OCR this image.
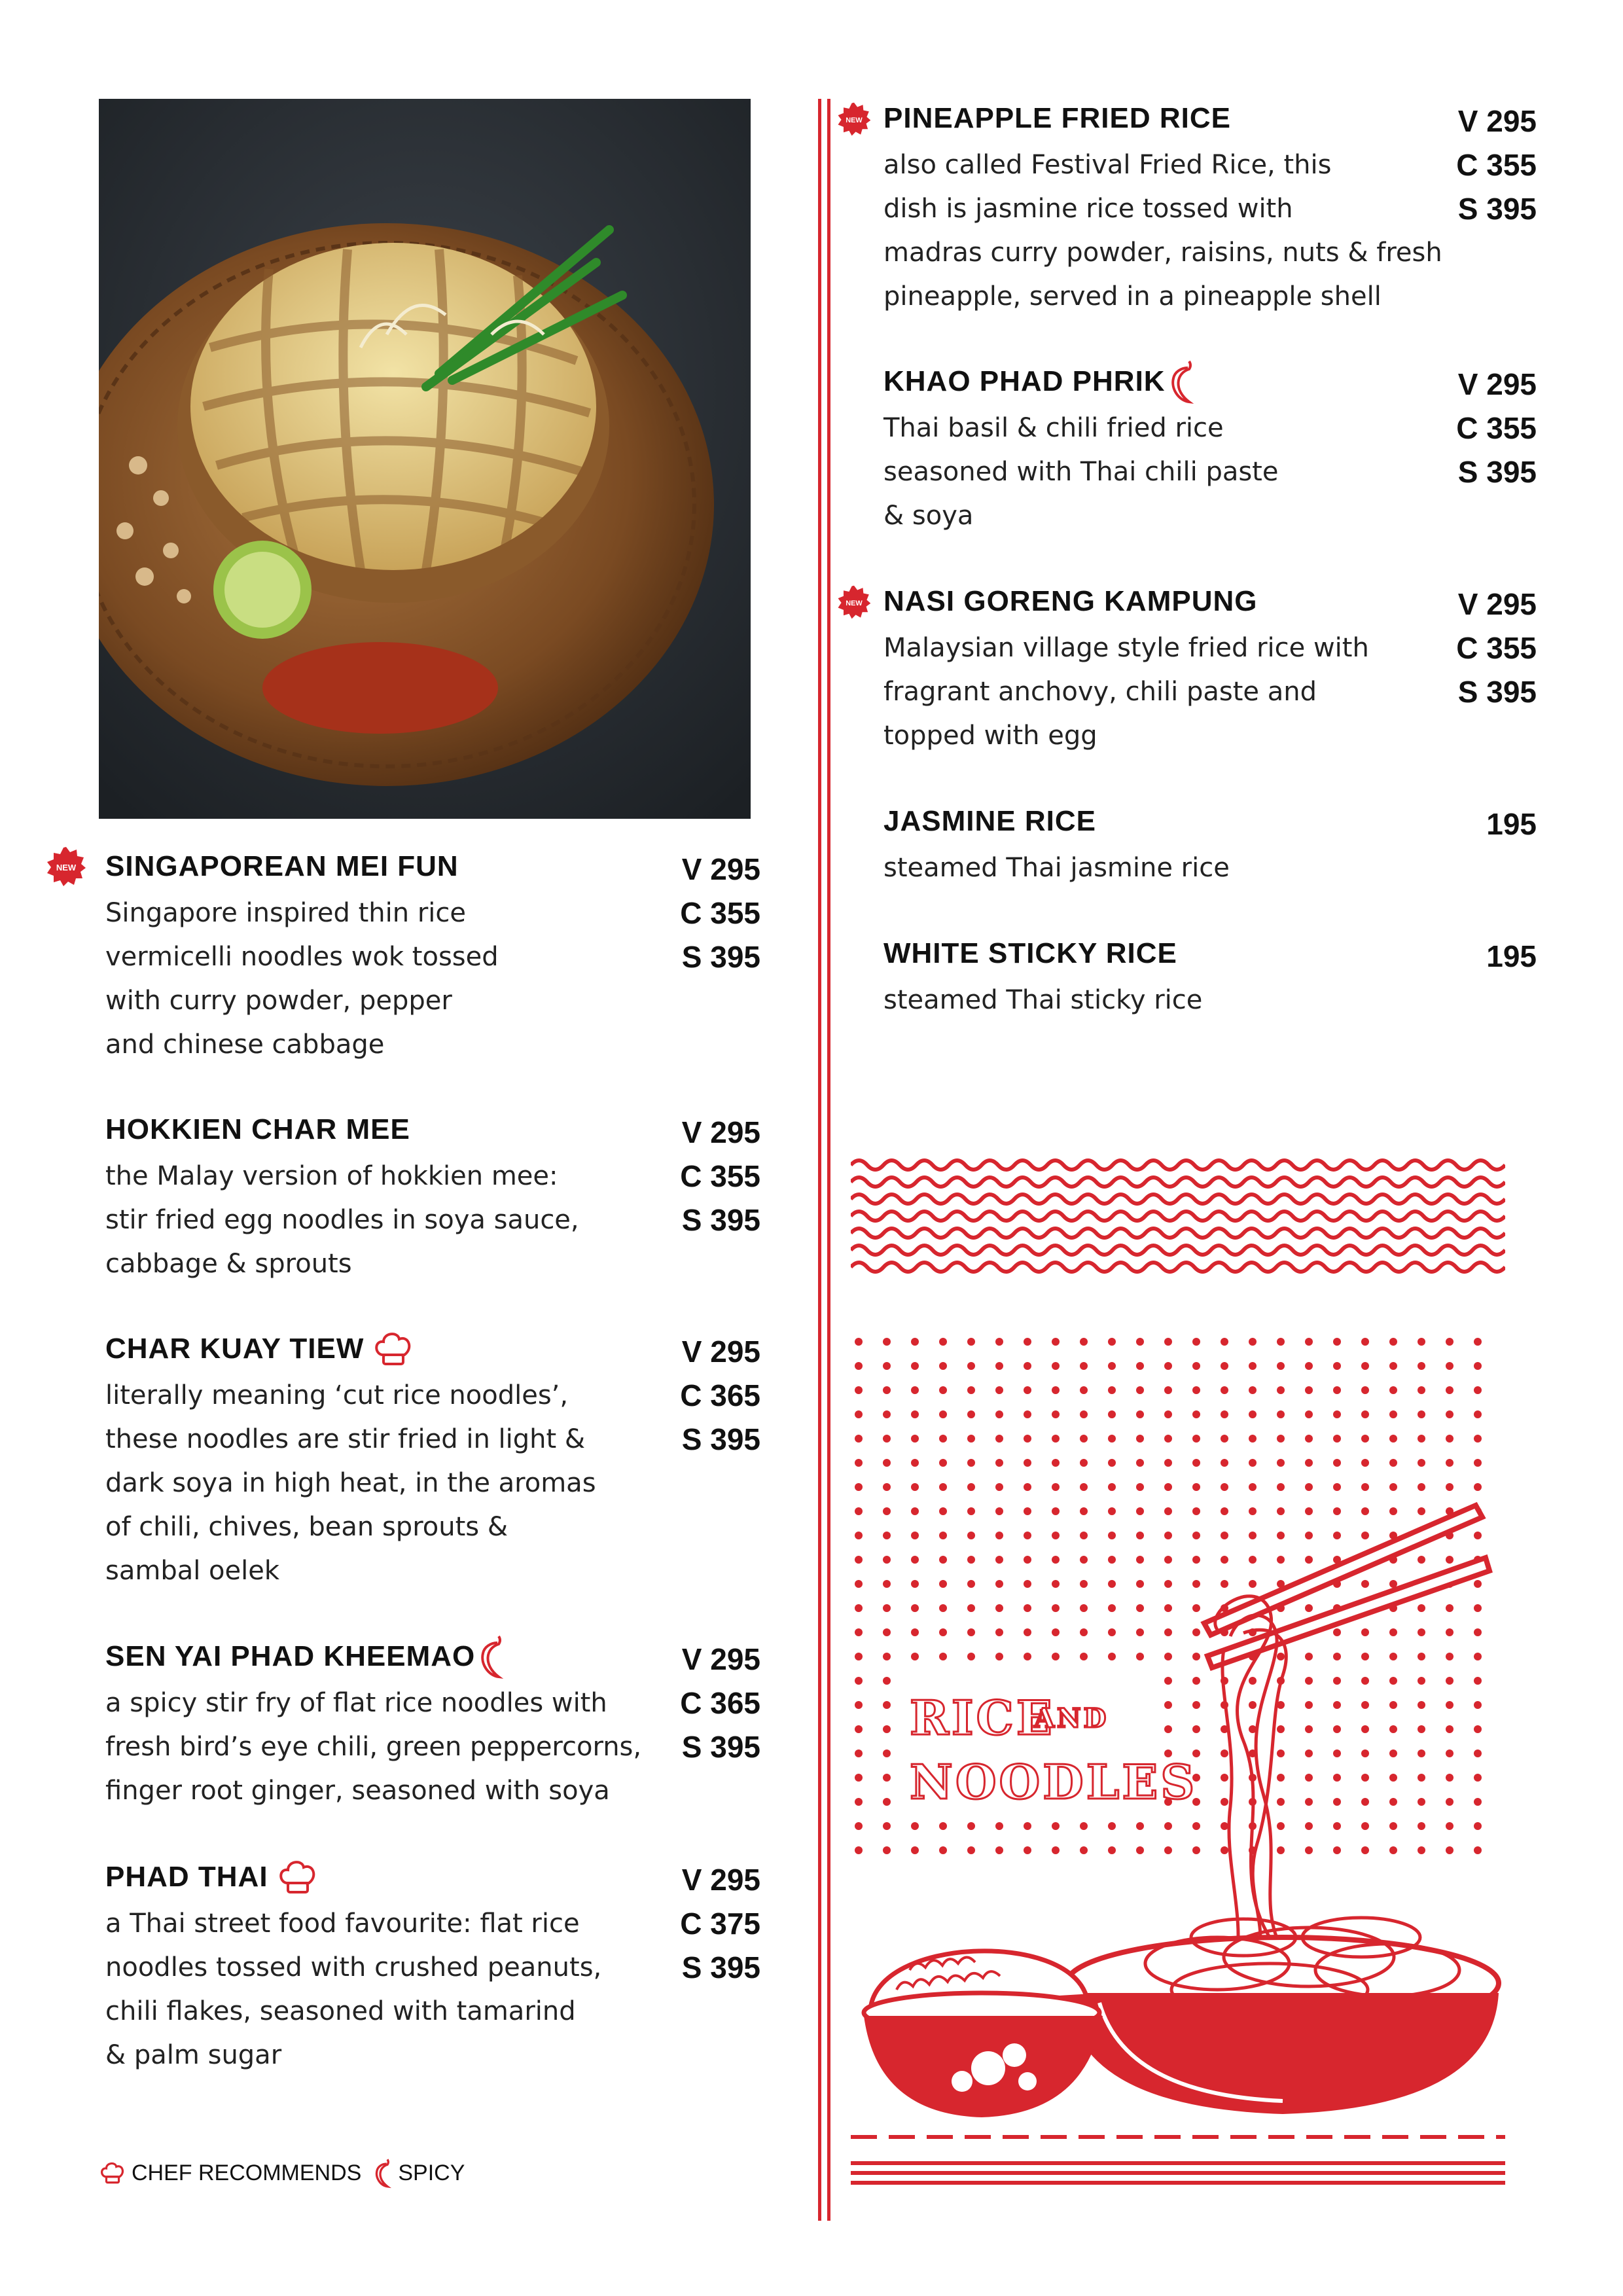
NEW SINGAPOREAN MEI FUN
Singapore inspired thin rice
vermicelli noodles wok tossed
with curry powder, pepper
and chinese cabbage
V 295
C 355
S 395
HOKKIEN CHAR MEE
the Malay version of hokkien mee:
stir fried egg noodles in soya sauce,
cabbage & sprouts
V 295
C 355
S 395
CHAR KUAY TIEW
literally meaning ‘cut rice noodles’,
these noodles are stir fried in light &
dark soya in high heat, in the aromas
of chili, chives, bean sprouts &
sambal oelek
V 295
C 365
S 395
SEN YAI PHAD KHEEMAO
a spicy stir fry of flat rice noodles with
fresh bird’s eye chili, green peppercorns,
finger root ginger, seasoned with soya
V 295
C 365
S 395
PHAD THAI
a Thai street food favourite: flat rice
noodles tossed with crushed peanuts,
chili flakes, seasoned with tamarind
& palm sugar
V 295
C 375
S 395
CHEF RECOMMENDS SPICY
NEW PINEAPPLE FRIED RICE
also called Festival Fried Rice, this
dish is jasmine rice tossed with
madras curry powder, raisins, nuts & fresh
pineapple, served in a pineapple shell
V 295
C 355
S 395
KHAO PHAD PHRIK
Thai basil & chili fried rice
seasoned with Thai chili paste
& soya
V 295
C 355
S 395
NEW NASI GORENG KAMPUNG
Malaysian village style fried rice with
fragrant anchovy, chili paste and
topped with egg
V 295
C 355
S 395
JASMINE RICE
steamed Thai jasmine rice
195
WHITE STICKY RICE
steamed Thai sticky rice
195
RICE
AND
NOODLES
